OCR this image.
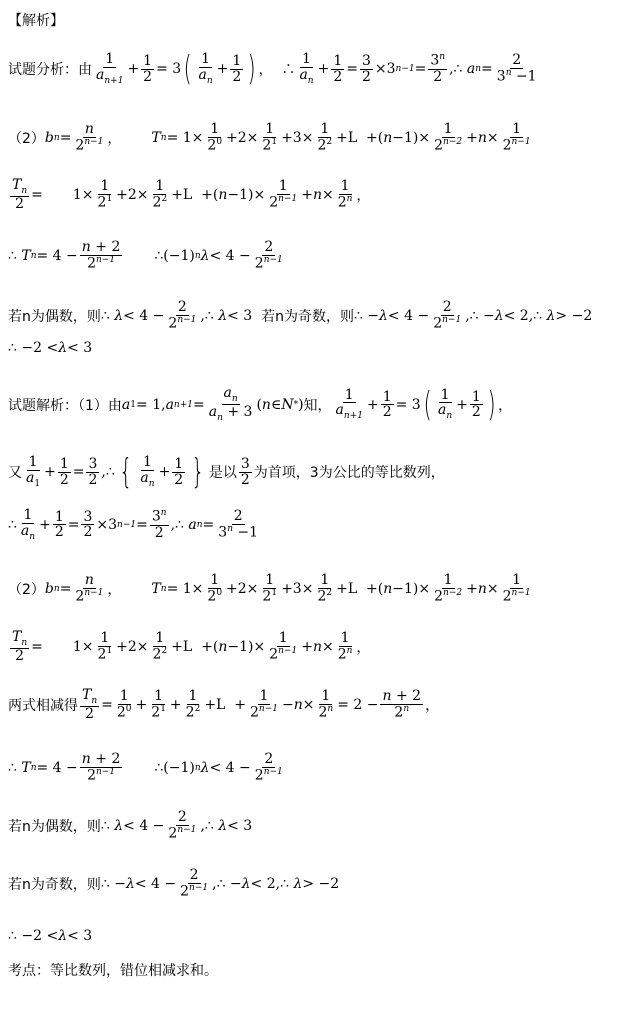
【解析】
试题分析：由 $\frac{1}{a_{n+1}} + \frac{1}{2} = 3$ ( $\frac{1}{a_n} + \frac{1}{2}$ ) ，  ∴ $\frac{1}{a_n} + \frac{1}{2} = \frac{3}{2} \times 3$ $n-1 = \frac{3^n}{2}$ ,∴ a $n = \frac{2}{3^n -1}$
（2） b $n = \frac{n}{2^{n-1}}$ ， T $n = 1\times \frac{1}{2^0} +2\times \frac{1}{2^1} +3\times \frac{1}{2^2} +L$  +( $n -1)\times \frac{1}{2^{n-2}} + n \times \frac{1}{2^{n-1}}$
$\frac{T_n}{2}$ =
$1\times \frac{1}{2^1} +2\times \frac{1}{2^2} +L$  +( $n -1)\times \frac{1}{2^{n-1}} + n \times \frac{1}{2^n}$ ，
∴ T $n = 4 - \frac{n + 2}{2^{n-1}}$ ∴(−1) n $\lambda < 4 - \frac{2}{2^{n-1}}$
若n为偶数，则 ∴ $\lambda < 4 - \frac{2}{2^{n-1}}$ ,∴ λ < 3 若n为奇数，则 ∴ − $\lambda < 4 - \frac{2}{2^{n-1}}$ ,∴ − λ < 2,∴ λ > −2
∴ −2 < λ < 3
试题解析：（1）由 a 1 = 1, a $n+1 = \frac{a_n}{a_n + 3}$ ( n ∈ N * ) 知， $\frac{1}{a_{n+1}} + \frac{1}{2} = 3$ ( $\frac{1}{a_n} + \frac{1}{2}$ ) ，
又 $\frac{1}{a_1} + \frac{1}{2} = \frac{3}{2}$ ,∴ { $\frac{1}{a_n} + \frac{1}{2}$ } 是以 $\frac{3}{2}$ 为首项，3为公比的等比数列，
∴ $\frac{1}{a_n} + \frac{1}{2} = \frac{3}{2} \times 3$ $n-1 = \frac{3^n}{2}$ ,∴ a $n = \frac{2}{3^n -1}$
（2） b $n = \frac{n}{2^{n-1}}$ ， T $n = 1\times \frac{1}{2^0} +2\times \frac{1}{2^1} +3\times \frac{1}{2^2} +L$  +( $n -1)\times \frac{1}{2^{n-2}} + n \times \frac{1}{2^{n-1}}$
$\frac{T_n}{2}$ =
$1\times \frac{1}{2^1} +2\times \frac{1}{2^2} +L$  +( $n -1)\times \frac{1}{2^{n-1}} + n \times \frac{1}{2^n}$ ，
两式相减得 $\frac{T_n}{2} = \frac{1}{2^0} + \frac{1}{2^1} + \frac{1}{2^2} +L + \frac{1}{2^{n-1}} - n \times \frac{1}{2^n} = 2 - \frac{n + 2}{2^n}$ ，
∴ T $n = 4 - \frac{n + 2}{2^{n-1}}$ ∴(−1) n $\lambda < 4 - \frac{2}{2^{n-1}}$
若n为偶数，则 ∴ $\lambda < 4 - \frac{2}{2^{n-1}}$ ,∴ λ < 3
若n为奇数，则 ∴ − $\lambda < 4 - \frac{2}{2^{n-1}}$ ,∴ − λ < 2,∴ λ > −2
∴ −2 < λ < 3
考点：等比数列，错位相减求和。
